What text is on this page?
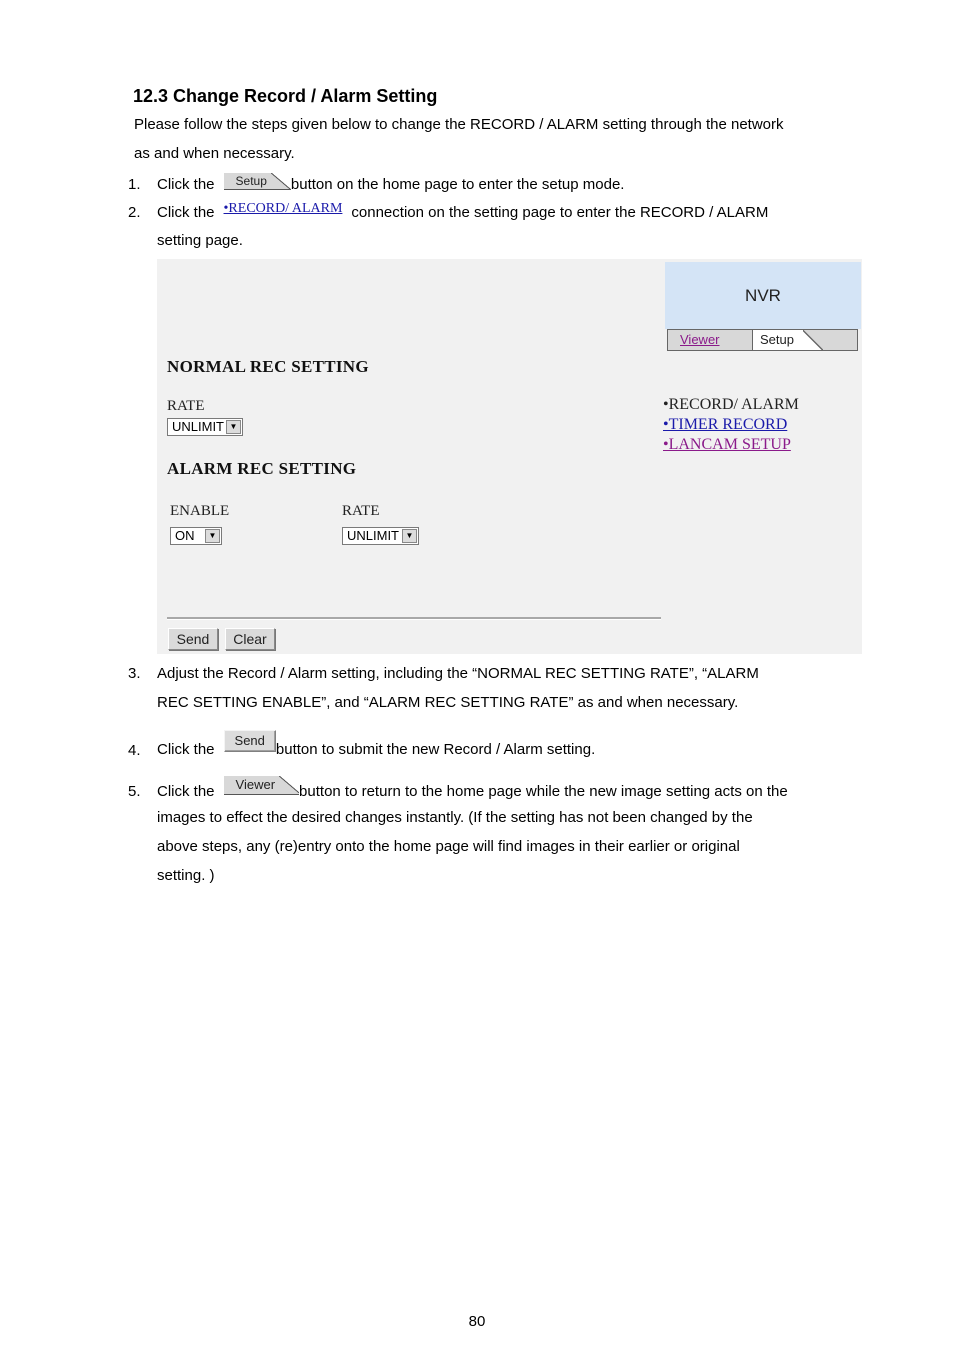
12.3 Change Record / Alarm Setting
Please follow the steps given below to change the RECORD / ALARM setting through the network
as and when necessary.
1.	Click the	Setup	button on the home page to enter the setup mode.
2.	Click the •RECORD/ ALARM connection on the setting page to enter the RECORD / ALARM
setting page.
NVR
Viewer	Setup
NORMAL REC SETTING
RATE
UNLIMIT ▼
ALARM REC SETTING
ENABLE
ON	▼
RATE
UNLIMIT ▼
•RECORD/ ALARM
•TIMER RECORD
•LANCAM SETUP
Send	Clear
3.	Adjust the Record / Alarm setting, including the “NORMAL REC SETTING RATE”, “ALARM
REC SETTING ENABLE”, and “ALARM REC SETTING RATE” as and when necessary.
4.	Click the
Send
button to submit the new Record / Alarm setting.
5.	Click the	Viewer	button to return to the home page while the new image setting acts on the
images to effect the desired changes instantly. (If the setting has not been changed by the
above steps, any (re)entry onto the home page will find images in their earlier or original
setting. )
80
